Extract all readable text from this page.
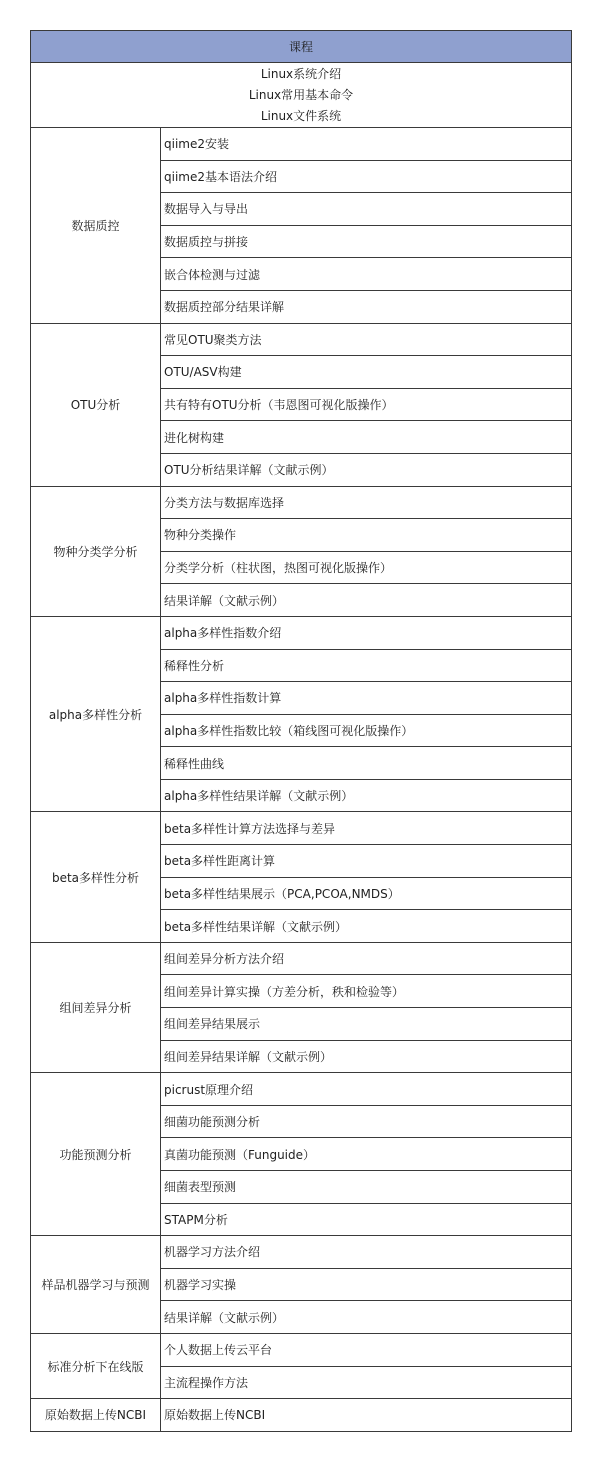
课程	

Linux系统介绍
Linux常用基本命令
Linux文件系统	

数据质控	qiime2安装
	qiime2基本语法介绍
	数据导入与导出
	数据质控与拼接
	嵌合体检测与过滤
	数据质控部分结果详解
OTU分析	常见OTU聚类方法
	OTU/ASV构建
	共有特有OTU分析（韦恩图可视化版操作）
	进化树构建
	OTU分析结果详解（文献示例）
物种分类学分析	分类方法与数据库选择
	物种分类操作
	分类学分析（柱状图，热图可视化版操作）
	结果详解（文献示例）
alpha多样性分析	alpha多样性指数介绍
	稀释性分析
	alpha多样性指数计算
	alpha多样性指数比较（箱线图可视化版操作）
	稀释性曲线
	alpha多样性结果详解（文献示例）
beta多样性分析	beta多样性计算方法选择与差异
	beta多样性距离计算
	beta多样性结果展示（PCA,PCOA,NMDS）
	beta多样性结果详解（文献示例）
组间差异分析	组间差异分析方法介绍
	组间差异计算实操（方差分析，秩和检验等）
	组间差异结果展示
	组间差异结果详解（文献示例）
功能预测分析	picrust原理介绍
	细菌功能预测分析
	真菌功能预测（Funguide）
	细菌表型预测
	STAPM分析
样品机器学习与预测	机器学习方法介绍
	机器学习实操
	结果详解（文献示例）
标准分析下在线版	个人数据上传云平台
	主流程操作方法
原始数据上传NCBI	原始数据上传NCBI
